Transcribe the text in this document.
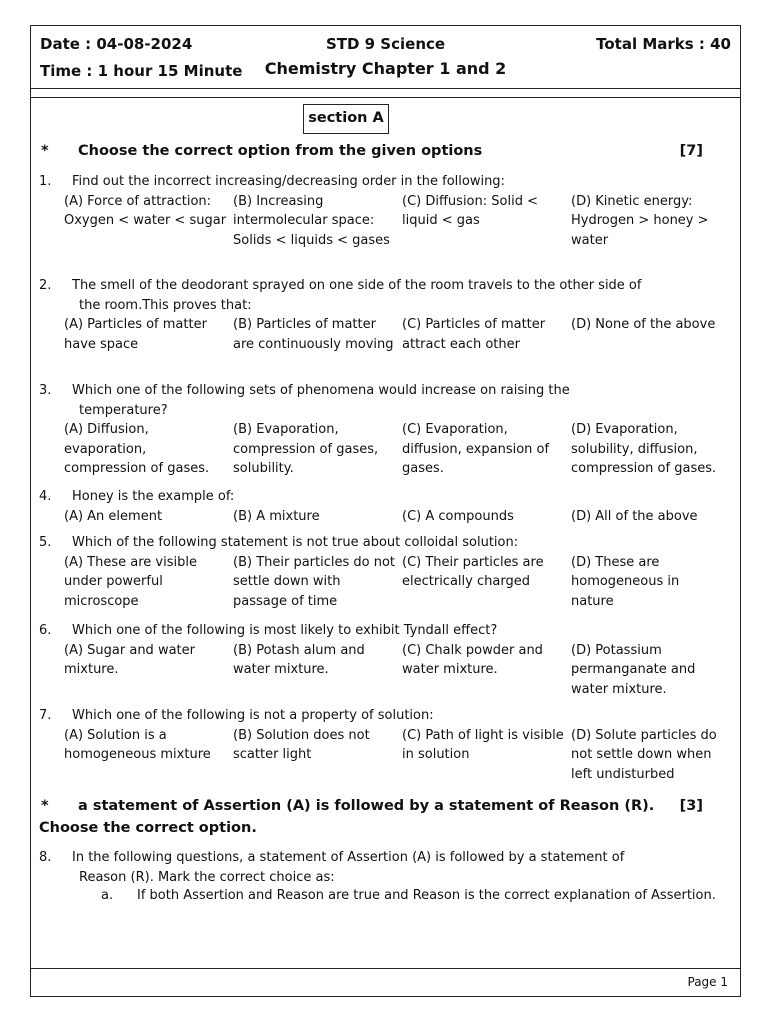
Date : 04-08-2024
Time : 1 hour 15 Minute
STD 9 Science
Chemistry Chapter 1 and 2
Total Marks : 40
section A
* Choose the correct option from the given options	[7]
1. Find out the incorrect increasing/decreasing order in the following:
(A) Force of attraction: Oxygen < water < sugar
(B) Increasing intermolecular space: Solids < liquids < gases
(C) Diffusion: Solid < liquid < gas
(D) Kinetic energy: Hydrogen > honey > water
2. The smell of the deodorant sprayed on one side of the room travels to the other side of
the room.This proves that:
(A) Particles of matter have space
(B) Particles of matter are continuously moving
(C) Particles of matter attract each other
(D) None of the above
3. Which one of the following sets of phenomena would increase on raising the
temperature?
(A) Diffusion, evaporation, compression of gases.
(B) Evaporation, compression of gases, solubility.
(C) Evaporation, diffusion, expansion of gases.
(D) Evaporation, solubility, diffusion, compression of gases.
4. Honey is the example of:
(A) An element	(B) A mixture	(C) A compounds	(D) All of the above
5. Which of the following statement is not true about colloidal solution:
(A) These are visible under powerful microscope
(B) Their particles do not settle down with passage of time
(C) Their particles are electrically charged
(D) These are homogeneous in nature
6. Which one of the following is most likely to exhibit Tyndall effect?
(A) Sugar and water mixture.
(B) Potash alum and water mixture.
(C) Chalk powder and water mixture.
(D) Potassium permanganate and water mixture.
7. Which one of the following is not a property of solution:
(A) Solution is a homogeneous mixture
(B) Solution does not scatter light
(C) Path of light is visible in solution
(D) Solute particles do not settle down when left undisturbed
* a statement of Assertion (A) is followed by a statement of Reason (R). [3]
Choose the correct option.
8. In the following questions, a statement of Assertion (A) is followed by a statement of
Reason (R). Mark the correct choice as:
a. If both Assertion and Reason are true and Reason is the correct explanation of Assertion.
Page 1
